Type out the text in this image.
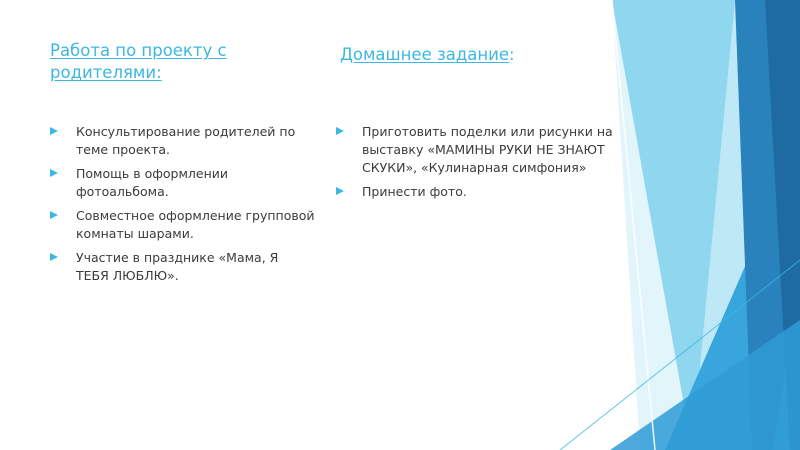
Работа по проекту с родителями:
Домашнее задание:
Консультирование родителей по теме проекта.
Помощь в оформлении фотоальбома.
Совместное оформление групповой комнаты шарами.
Участие в празднике «Мама, Я ТЕБЯ ЛЮБЛЮ».
Приготовить поделки или рисунки на выставку «МАМИНЫ РУКИ НЕ ЗНАЮТ СКУКИ», «Кулинарная симфония»
Принести фото.
